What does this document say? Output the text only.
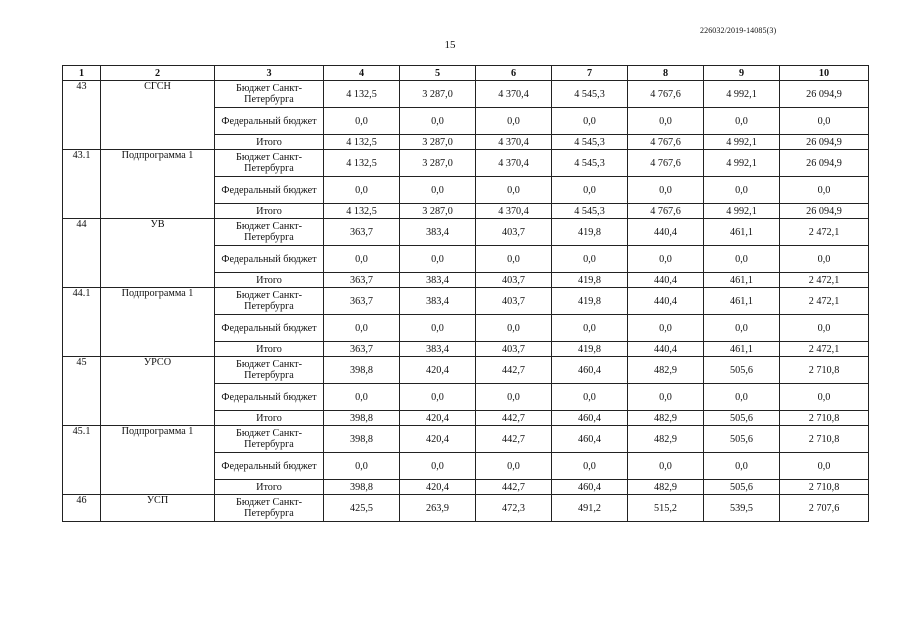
226032/2019-14085(3)
15
1	2	3	4	5	6	7	8	9	10
43	СГСН	Бюджет Санкт-Петербурга	4 132,5	3 287,0	4 370,4	4 545,3	4 767,6	4 992,1	26 094,9
		Федеральный бюджет	0,0	0,0	0,0	0,0	0,0	0,0	0,0
		Итого	4 132,5	3 287,0	4 370,4	4 545,3	4 767,6	4 992,1	26 094,9
43.1	Подпрограмма 1	Бюджет Санкт-Петербурга	4 132,5	3 287,0	4 370,4	4 545,3	4 767,6	4 992,1	26 094,9
		Федеральный бюджет	0,0	0,0	0,0	0,0	0,0	0,0	0,0
		Итого	4 132,5	3 287,0	4 370,4	4 545,3	4 767,6	4 992,1	26 094,9
44	УВ	Бюджет Санкт-Петербурга	363,7	383,4	403,7	419,8	440,4	461,1	2 472,1
		Федеральный бюджет	0,0	0,0	0,0	0,0	0,0	0,0	0,0
		Итого	363,7	383,4	403,7	419,8	440,4	461,1	2 472,1
44.1	Подпрограмма 1	Бюджет Санкт-Петербурга	363,7	383,4	403,7	419,8	440,4	461,1	2 472,1
		Федеральный бюджет	0,0	0,0	0,0	0,0	0,0	0,0	0,0
		Итого	363,7	383,4	403,7	419,8	440,4	461,1	2 472,1
45	УРСО	Бюджет Санкт-Петербурга	398,8	420,4	442,7	460,4	482,9	505,6	2 710,8
		Федеральный бюджет	0,0	0,0	0,0	0,0	0,0	0,0	0,0
		Итого	398,8	420,4	442,7	460,4	482,9	505,6	2 710,8
45.1	Подпрограмма 1	Бюджет Санкт-Петербурга	398,8	420,4	442,7	460,4	482,9	505,6	2 710,8
		Федеральный бюджет	0,0	0,0	0,0	0,0	0,0	0,0	0,0
		Итого	398,8	420,4	442,7	460,4	482,9	505,6	2 710,8
46	УСП	Бюджет Санкт-Петербурга	425,5	263,9	472,3	491,2	515,2	539,5	2 707,6
